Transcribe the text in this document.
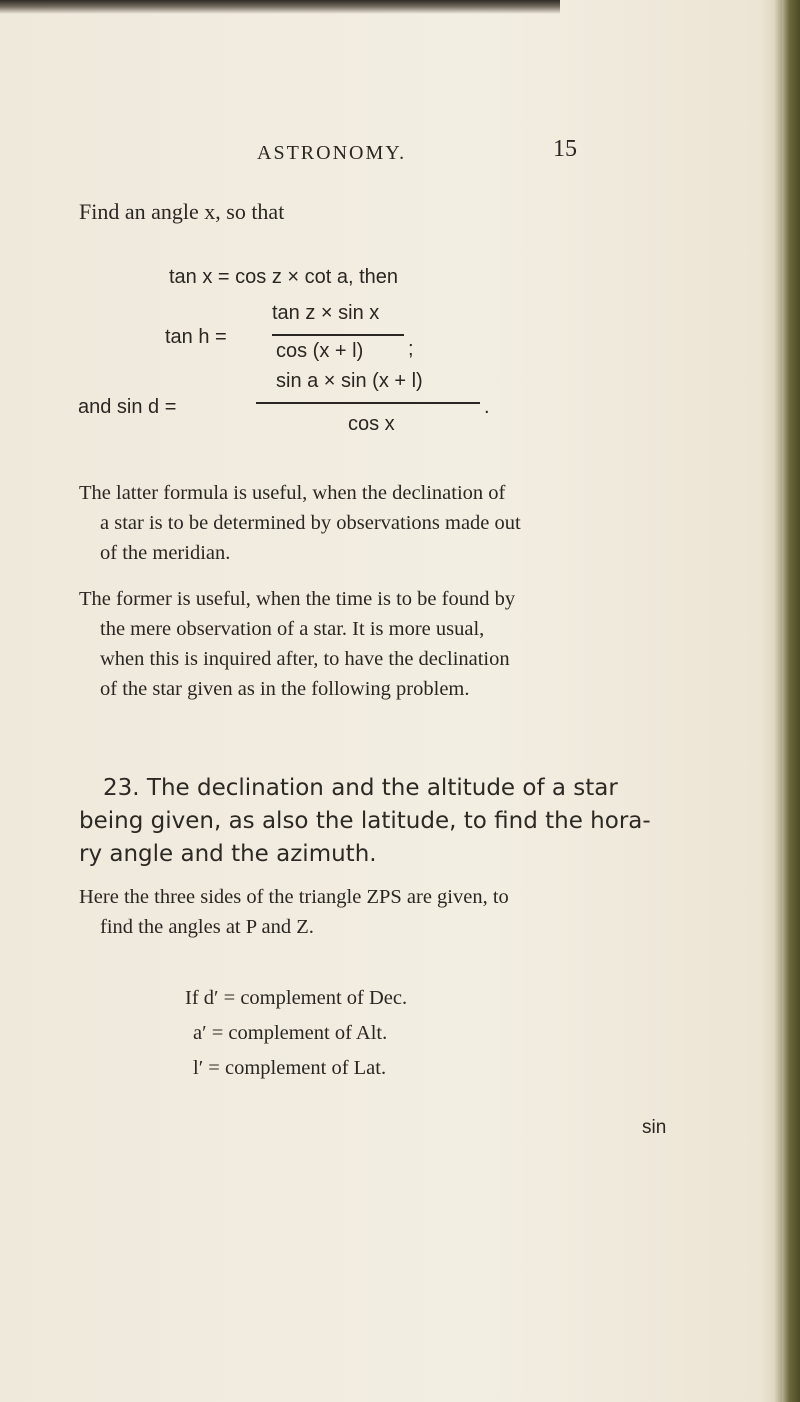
ASTRONOMY.	15
Find an angle x, so that
tan x = cos z × cot a, then
tan h =
tan z × sin x
cos (x + l) ;
and sin d =
sin a × sin (x + l)
cos x
.
The latter formula is useful, when the declination of
a star is to be determined by observations made out
of the meridian.
The former is useful, when the time is to be found by
the mere observation of a star. It is more usual,
when this is inquired after, to have the declination
of the star given as in the following problem.
23. The declination and the altitude of a star
being given, as also the latitude, to find the hora-
ry angle and the azimuth.
Here the three sides of the triangle ZPS are given, to
find the angles at P and Z.
If d′ = complement of Dec.
a′ = complement of Alt.
l′ = complement of Lat.
sin
